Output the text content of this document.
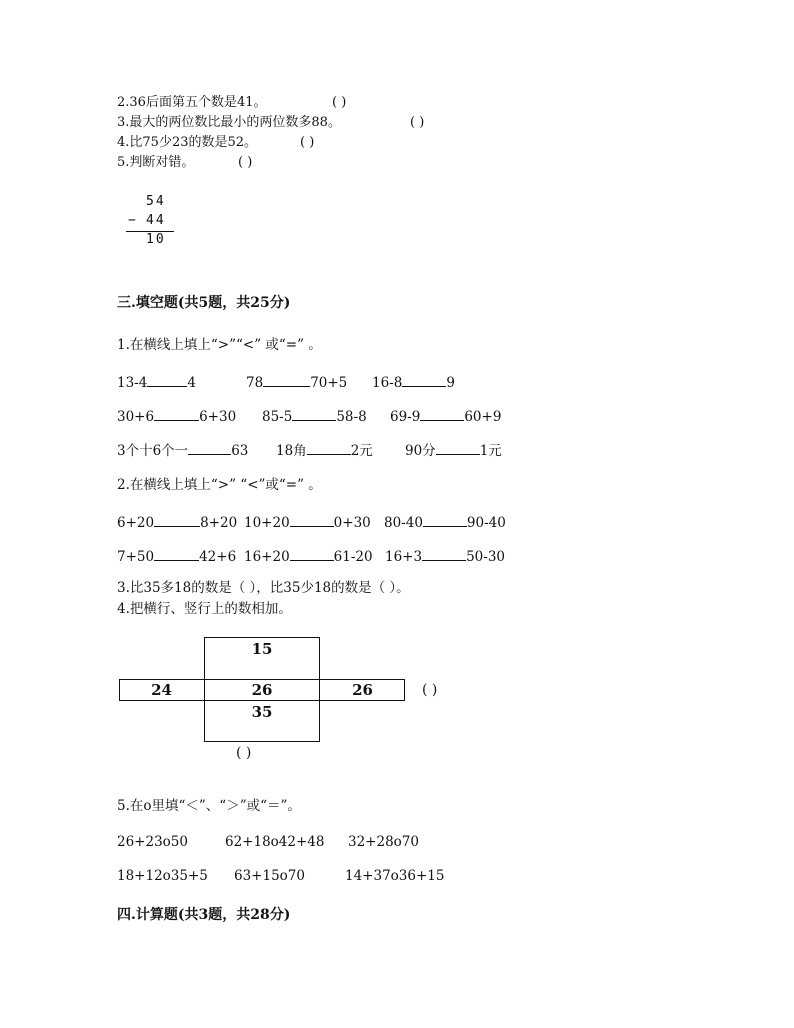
2.36后面第五个数是41。	( )
3.最大的两位数比最小的两位数多88。	( )
4.比75少23的数是52。	( )
5.判断对错。	( )
54
− 44
10
三.填空题(共5题，共25分)
1.在横线上填上“>”“<” 或“=” 。
13-4	4	78	70+5 16-8	9
30+6	6+30 85-5	58-8 69-9	60+9
3个十6个一	63 18角	2元 90分	1元
2.在横线上填上“>” “<”或“=” 。
6+20	8+20 10+20	0+30 80-40	90-40
7+50	42+6 16+20	61-20 16+3	50-30
3.比35多18的数是（ ），比35少18的数是（ ）。
4.把横行、竖行上的数相加。
15
24	26	26
35
( )
( )
5.在o里填“＜”、“＞”或“＝”。
26+23o50	62+18o42+48 32+28o70
18+12o35+5 63+15o70	14+37o36+15
四.计算题(共3题，共28分)
